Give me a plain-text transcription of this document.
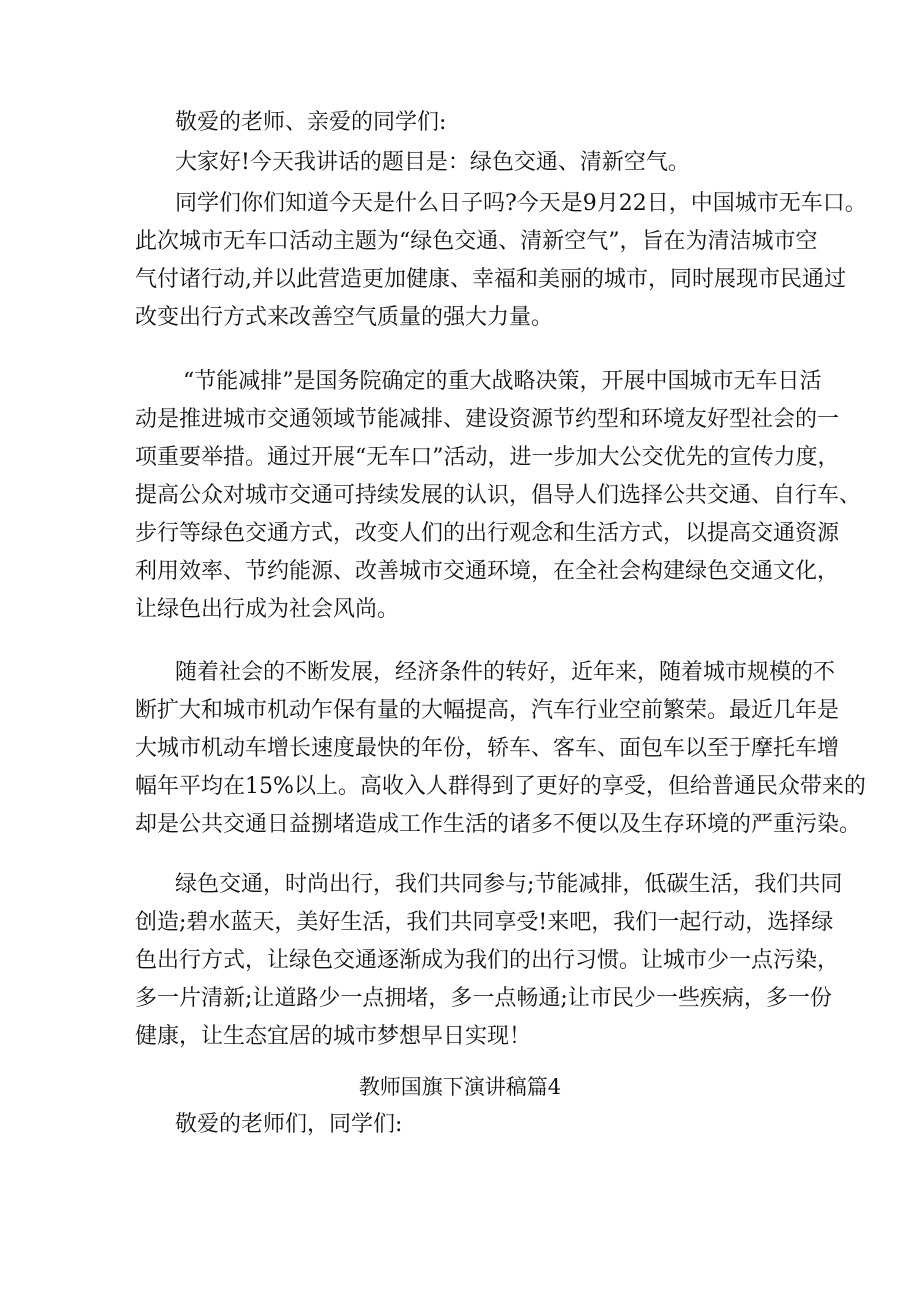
敬爱的老师、亲爱的同学们:

大家好!今天我讲话的题目是：绿色交通、清新空气。

同学们你们知道今天是什么日子吗?今天是9月22日，中国城市无车口。
此次城市无车口活动主题为“绿色交通、清新空气”，旨在为清洁城市空
气付诸行动,并以此营造更加健康、幸福和美丽的城市，同时展现市民通过
改变出行方式来改善空气质量的强大力量。
“节能减排”是国务院确定的重大战略决策，开展中国城市无车日活
动是推进城市交通领域节能减排、建设资源节约型和环境友好型社会的一
项重要举措。通过开展“无车口”活动，进一步加大公交优先的宣传力度，
提高公众对城市交通可持续发展的认识，倡导人们选择公共交通、自行车、
步行等绿色交通方式，改变人们的出行观念和生活方式，以提高交通资源
利用效率、节约能源、改善城市交通环境，在全社会构建绿色交通文化，
让绿色出行成为社会风尚。
随着社会的不断发展，经济条件的转好，近年来，随着城市规模的不
断扩大和城市机动乍保有量的大幅提高，汽车行业空前繁荣。最近几年是
大城市机动车增长速度最快的年份，轿车、客车、面包车以至于摩托车增
幅年平均在15%以上。高收入人群得到了更好的享受，但给普通民众带来的
却是公共交通日益捌堵造成工作生活的诸多不便以及生存环境的严重污染。
绿色交通，时尚出行，我们共同参与;节能减排，低碳生活，我们共同
创造;碧水蓝天，美好生活，我们共同享受!来吧，我们一起行动，选择绿
色出行方式，让绿色交通逐渐成为我们的出行习惯。让城市少一点污染，
多一片清新;让道路少一点拥堵，多一点畅通;让市民少一些疾病，多一份
健康，让生态宜居的城市梦想早日实现！
教师国旗下演讲稿篇4

敬爱的老师们，同学们:
